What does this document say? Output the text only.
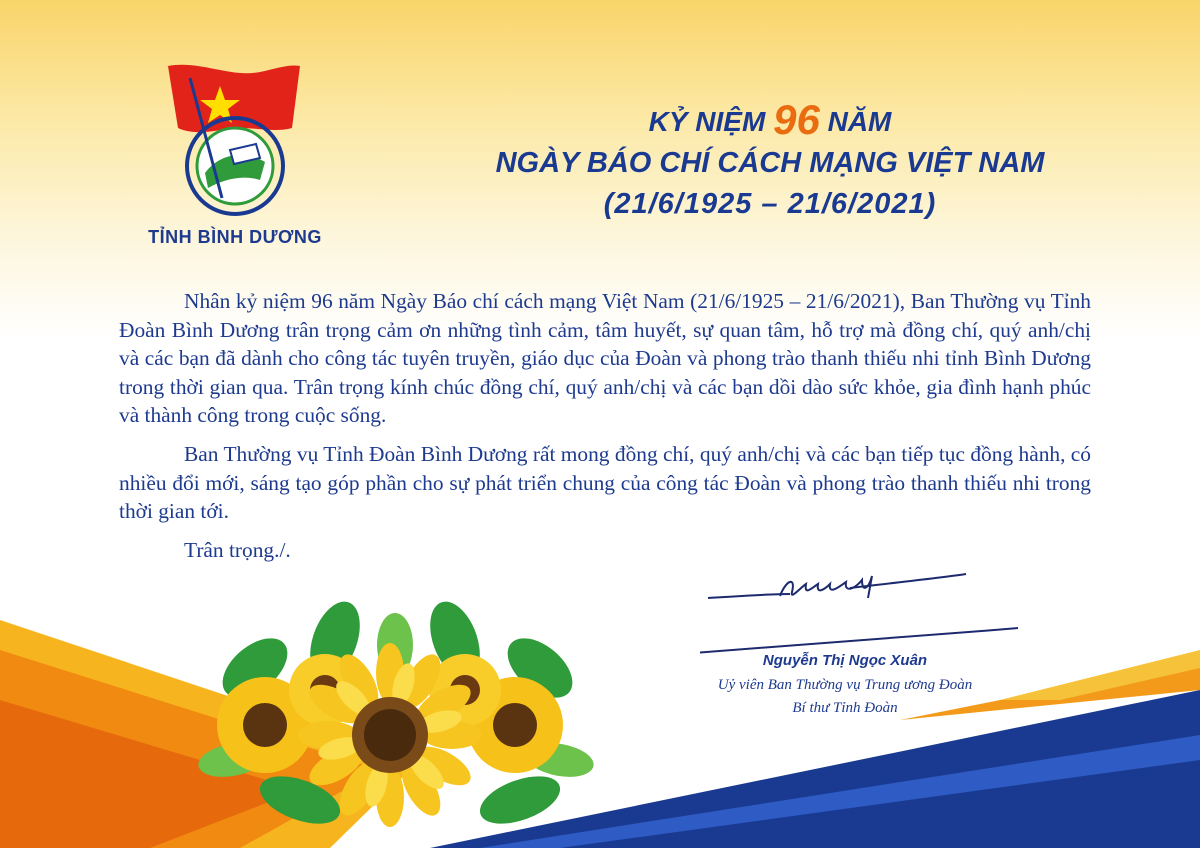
TỈNH BÌNH DƯƠNG
KỶ NIỆM 96 NĂM
NGÀY BÁO CHÍ CÁCH MẠNG VIỆT NAM
(21/6/1925 – 21/6/2021)

Nhân kỷ niệm 96 năm Ngày Báo chí cách mạng Việt Nam (21/6/1925 – 21/6/2021), Ban Thường vụ Tỉnh Đoàn Bình Dương trân trọng cảm ơn những tình cảm, tâm huyết, sự quan tâm, hỗ trợ mà đồng chí, quý anh/chị và các bạn đã dành cho công tác tuyên truyền, giáo dục của Đoàn và phong trào thanh thiếu nhi tỉnh Bình Dương trong thời gian qua. Trân trọng kính chúc đồng chí, quý anh/chị và các bạn dồi dào sức khỏe, gia đình hạnh phúc và thành công trong cuộc sống.

Ban Thường vụ Tỉnh Đoàn Bình Dương rất mong đồng chí, quý anh/chị và các bạn tiếp tục đồng hành, có nhiều đổi mới, sáng tạo góp phần cho sự phát triển chung của công tác Đoàn và phong trào thanh thiếu nhi trong thời gian tới.

Trân trọng./.

Nguyễn Thị Ngọc Xuân
Uỷ viên Ban Thường vụ Trung ương Đoàn
Bí thư Tỉnh Đoàn
